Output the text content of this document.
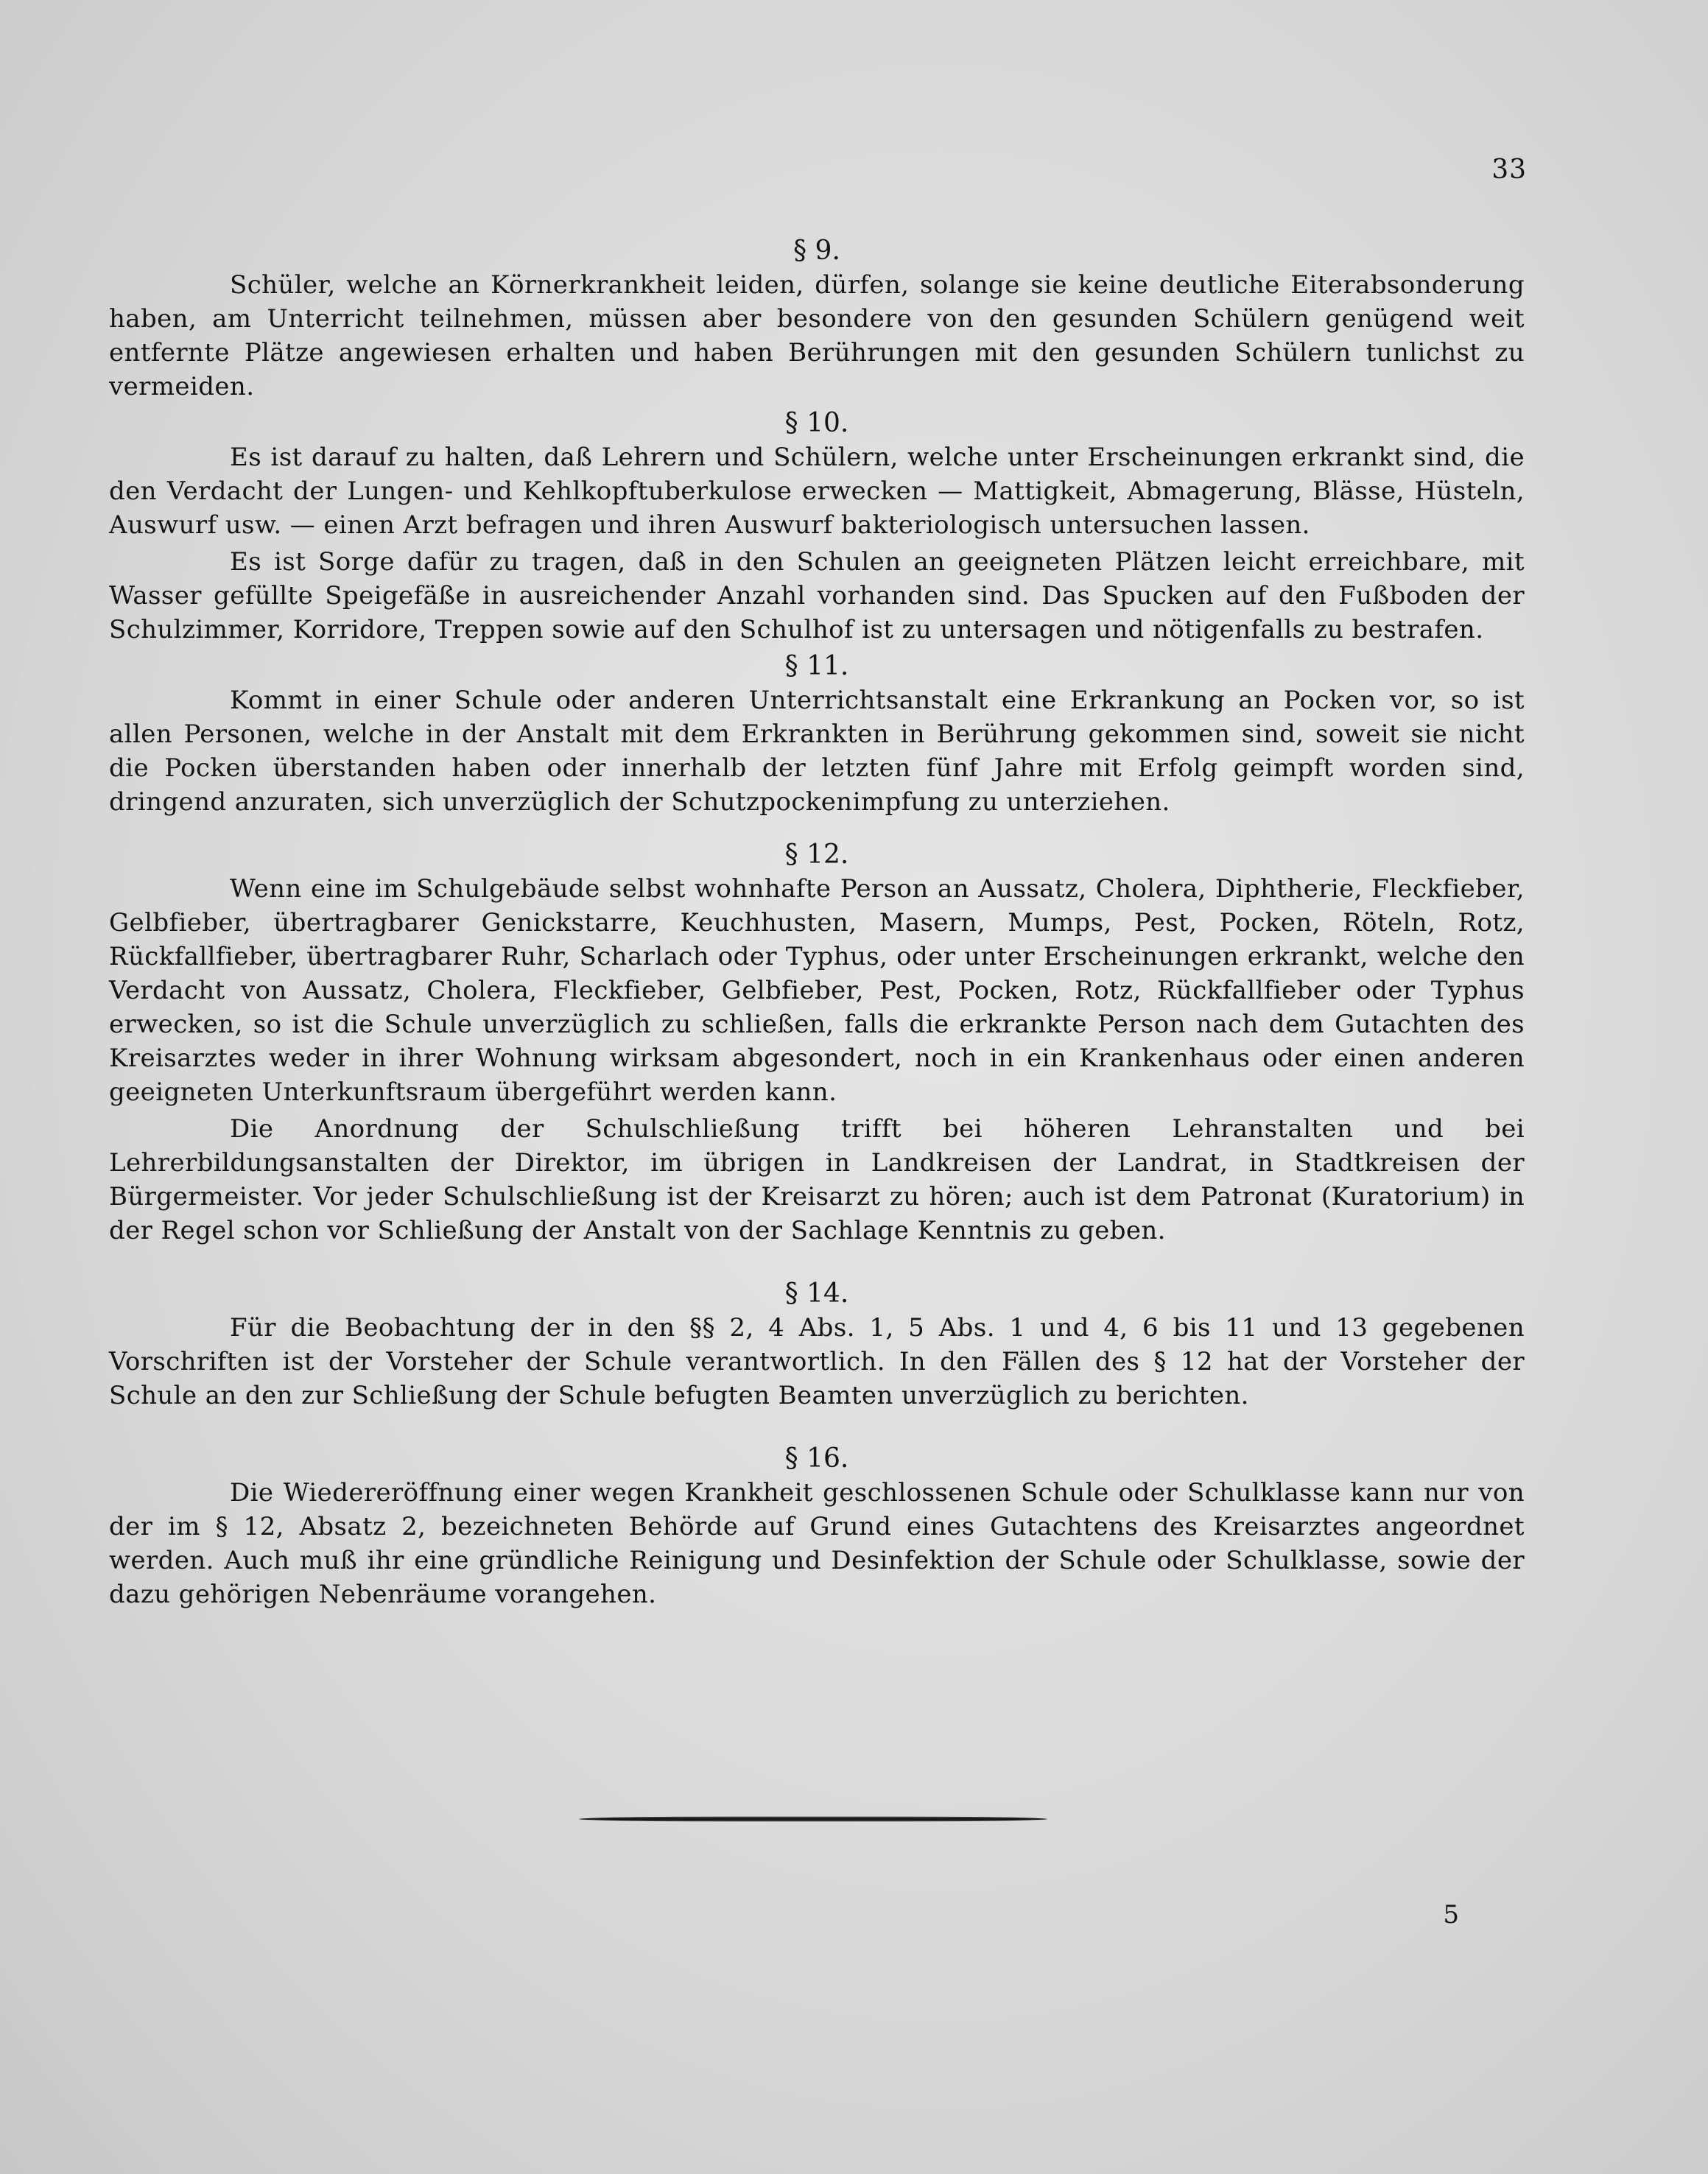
33

§ 9.

Schüler, welche an Körnerkrankheit leiden, dürfen, solange sie keine deutliche Eiterabsonderung haben, am Unterricht teilnehmen, müssen aber besondere von den gesunden Schülern genügend weit entfernte Plätze angewiesen erhalten und haben Berührungen mit den gesunden Schülern tunlichst zu vermeiden.

§ 10.

Es ist darauf zu halten, daß Lehrern und Schülern, welche unter Erscheinungen erkrankt sind, die den Verdacht der Lungen- und Kehlkopftuberkulose erwecken — Mattigkeit, Abmagerung, Blässe, Hüsteln, Auswurf usw. — einen Arzt befragen und ihren Auswurf bakteriologisch untersuchen lassen.

Es ist Sorge dafür zu tragen, daß in den Schulen an geeigneten Plätzen leicht erreichbare, mit Wasser gefüllte Speigefäße in ausreichender Anzahl vorhanden sind. Das Spucken auf den Fußboden der Schulzimmer, Korridore, Treppen sowie auf den Schulhof ist zu untersagen und nötigenfalls zu bestrafen.

§ 11.

Kommt in einer Schule oder anderen Unterrichtsanstalt eine Erkrankung an Pocken vor, so ist allen Personen, welche in der Anstalt mit dem Erkrankten in Berührung gekommen sind, soweit sie nicht die Pocken überstanden haben oder innerhalb der letzten fünf Jahre mit Erfolg geimpft worden sind, dringend anzuraten, sich unverzüglich der Schutzpockenimpfung zu unterziehen.

§ 12.

Wenn eine im Schulgebäude selbst wohnhafte Person an Aussatz, Cholera, Diphtherie, Fleckfieber, Gelbfieber, übertragbarer Genickstarre, Keuchhusten, Masern, Mumps, Pest, Pocken, Röteln, Rotz, Rückfallfieber, übertragbarer Ruhr, Scharlach oder Typhus, oder unter Erscheinungen erkrankt, welche den Verdacht von Aussatz, Cholera, Fleckfieber, Gelbfieber, Pest, Pocken, Rotz, Rückfallfieber oder Typhus erwecken, so ist die Schule unverzüglich zu schließen, falls die erkrankte Person nach dem Gutachten des Kreisarztes weder in ihrer Wohnung wirksam abgesondert, noch in ein Krankenhaus oder einen anderen geeigneten Unterkunftsraum übergeführt werden kann.

Die Anordnung der Schulschließung trifft bei höheren Lehranstalten und bei Lehrerbildungsanstalten der Direktor, im übrigen in Landkreisen der Landrat, in Stadtkreisen der Bürgermeister. Vor jeder Schulschließung ist der Kreisarzt zu hören; auch ist dem Patronat (Kuratorium) in der Regel schon vor Schließung der Anstalt von der Sachlage Kenntnis zu geben.

§ 14.

Für die Beobachtung der in den §§ 2, 4 Abs. 1, 5 Abs. 1 und 4, 6 bis 11 und 13 gegebenen Vorschriften ist der Vorsteher der Schule verantwortlich. In den Fällen des § 12 hat der Vorsteher der Schule an den zur Schließung der Schule befugten Beamten unverzüglich zu berichten.

§ 16.

Die Wiedereröffnung einer wegen Krankheit geschlossenen Schule oder Schulklasse kann nur von der im § 12, Absatz 2, bezeichneten Behörde auf Grund eines Gutachtens des Kreisarztes angeordnet werden. Auch muß ihr eine gründliche Reinigung und Desinfektion der Schule oder Schulklasse, sowie der dazu gehörigen Nebenräume vorangehen.

5
